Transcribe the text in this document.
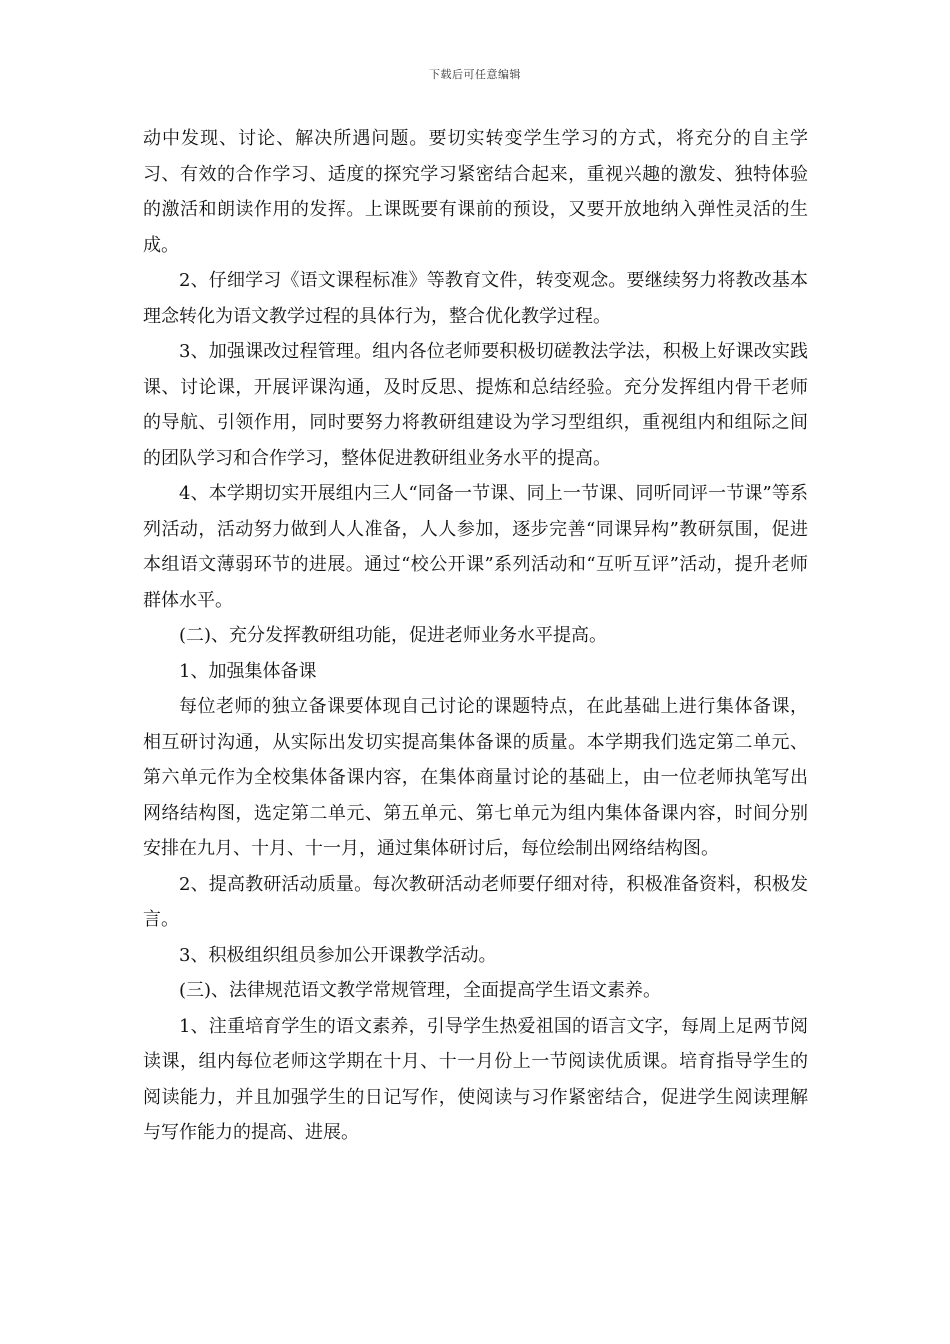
下载后可任意编辑

动中发现、讨论、解决所遇问题。要切实转变学生学习的方式，将充分的自主学习、有效的合作学习、适度的探究学习紧密结合起来，重视兴趣的激发、独特体验的激活和朗读作用的发挥。上课既要有课前的预设，又要开放地纳入弹性灵活的生成。

2、仔细学习《语文课程标准》等教育文件，转变观念。要继续努力将教改基本理念转化为语文教学过程的具体行为，整合优化教学过程。

3、加强课改过程管理。组内各位老师要积极切磋教法学法，积极上好课改实践课、讨论课，开展评课沟通，及时反思、提炼和总结经验。充分发挥组内骨干老师的导航、引领作用，同时要努力将教研组建设为学习型组织，重视组内和组际之间的团队学习和合作学习，整体促进教研组业务水平的提高。

4、本学期切实开展组内三人“同备一节课、同上一节课、同听同评一节课”等系列活动，活动努力做到人人准备，人人参加，逐步完善“同课异构”教研氛围，促进本组语文薄弱环节的进展。通过“校公开课”系列活动和“互听互评”活动，提升老师群体水平。

(二)、充分发挥教研组功能，促进老师业务水平提高。

1、加强集体备课

每位老师的独立备课要体现自己讨论的课题特点，在此基础上进行集体备课，相互研讨沟通，从实际出发切实提高集体备课的质量。本学期我们选定第二单元、第六单元作为全校集体备课内容，在集体商量讨论的基础上，由一位老师执笔写出网络结构图，选定第二单元、第五单元、第七单元为组内集体备课内容，时间分别安排在九月、十月、十一月，通过集体研讨后，每位绘制出网络结构图。

2、提高教研活动质量。每次教研活动老师要仔细对待，积极准备资料，积极发言。

3、积极组织组员参加公开课教学活动。

(三)、法律规范语文教学常规管理，全面提高学生语文素养。

1、注重培育学生的语文素养，引导学生热爱祖国的语言文字，每周上足两节阅读课，组内每位老师这学期在十月、十一月份上一节阅读优质课。培育指导学生的阅读能力，并且加强学生的日记写作，使阅读与习作紧密结合，促进学生阅读理解与写作能力的提高、进展。
